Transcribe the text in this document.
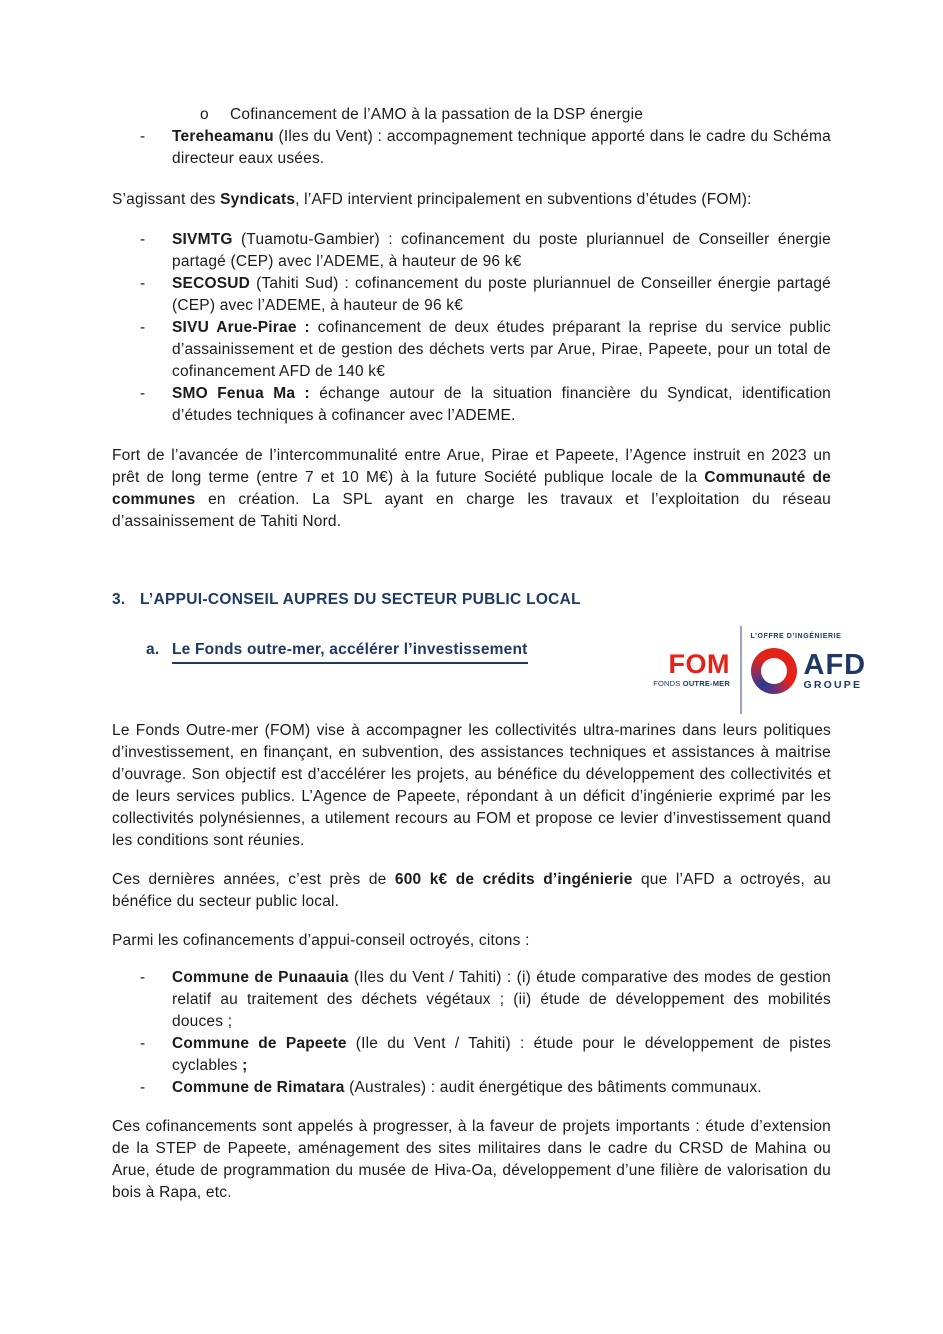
o	Cofinancement de l’AMO à la passation de la DSP énergie
-	Tereheamanu (Iles du Vent) : accompagnement technique apporté dans le cadre du Schéma directeur eaux usées.

S’agissant des Syndicats, l’AFD intervient principalement en subventions d’études (FOM):

-	SIVMTG (Tuamotu-Gambier) : cofinancement du poste pluriannuel de Conseiller énergie partagé (CEP) avec l’ADEME, à hauteur de 96 k€
-	SECOSUD (Tahiti Sud) : cofinancement du poste pluriannuel de Conseiller énergie partagé (CEP) avec l’ADEME, à hauteur de 96 k€
-	SIVU Arue-Pirae : cofinancement de deux études préparant la reprise du service public d’assainissement et de gestion des déchets verts par Arue, Pirae, Papeete, pour un total de cofinancement AFD de 140 k€
-	SMO Fenua Ma : échange autour de la situation financière du Syndicat, identification d’études techniques à cofinancer avec l’ADEME.

Fort de l’avancée de l’intercommunalité entre Arue, Pirae et Papeete, l’Agence instruit en 2023 un prêt de long terme (entre 7 et 10 M€) à la future Société publique locale de la Communauté de communes en création. La SPL ayant en charge les travaux et l’exploitation du réseau d’assainissement de Tahiti Nord.

3. L’APPUI-CONSEIL AUPRES DU SECTEUR PUBLIC LOCAL
a. Le Fonds outre-mer, accélérer l’investissement

Le Fonds Outre-mer (FOM) vise à accompagner les collectivités ultra-marines dans leurs politiques d’investissement, en finançant, en subvention, des assistances techniques et assistances à maitrise d’ouvrage. Son objectif est d’accélérer les projets, au bénéfice du développement des collectivités et de leurs services publics. L’Agence de Papeete, répondant à un déficit d’ingénierie exprimé par les collectivités polynésiennes, a utilement recours au FOM et propose ce levier d’investissement quand les conditions sont réunies.

Ces dernières années, c’est près de 600 k€ de crédits d’ingénierie que l’AFD a octroyés, au bénéfice du secteur public local.

Parmi les cofinancements d’appui-conseil octroyés, citons :

-	Commune de Punaauia (Iles du Vent / Tahiti) : (i) étude comparative des modes de gestion relatif au traitement des déchets végétaux ; (ii) étude de développement des mobilités douces ;
-	Commune de Papeete (Ile du Vent / Tahiti) : étude pour le développement de pistes cyclables ;
-	Commune de Rimatara (Australes) : audit énergétique des bâtiments communaux.

Ces cofinancements sont appelés à progresser, à la faveur de projets importants : étude d’extension de la STEP de Papeete, aménagement des sites militaires dans le cadre du CRSD de Mahina ou Arue, étude de programmation du musée de Hiva-Oa, développement d’une filière de valorisation du bois à Rapa, etc.

FOM
FONDS OUTRE-MER
L’OFFRE D’INGÉNIERIE
AFD
GROUPE
